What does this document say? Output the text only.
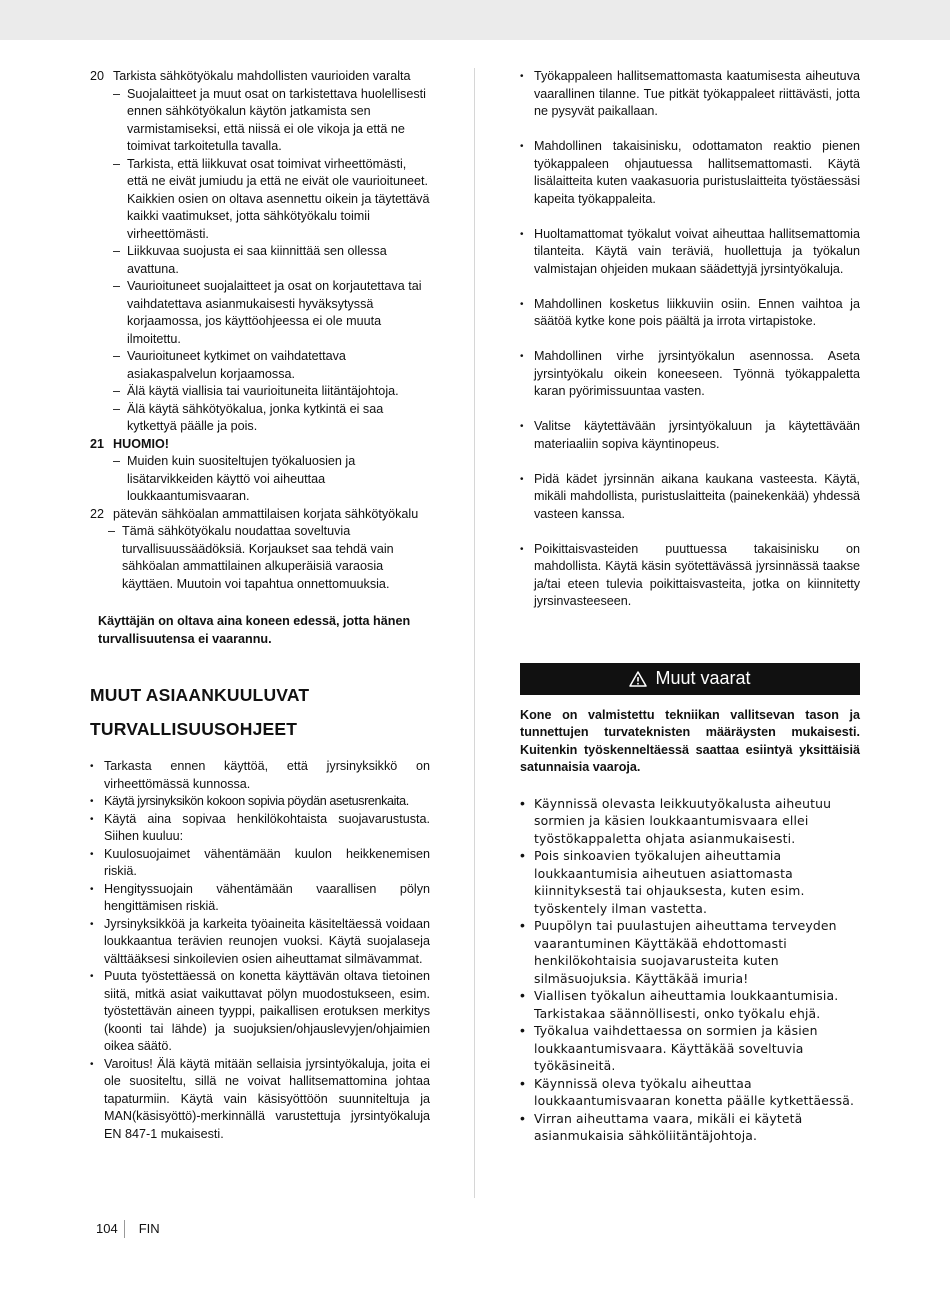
20 Tarkista sähkötyökalu mahdollisten vaurioiden varalta
– Suojalaitteet ja muut osat on tarkistettava huolellisesti ennen sähkötyökalun käytön jatkamista sen varmistamiseksi, että niissä ei ole vikoja ja että ne toimivat tarkoitetulla tavalla.
– Tarkista, että liikkuvat osat toimivat virheettömästi, että ne eivät jumiudu ja että ne eivät ole vaurioituneet. Kaikkien osien on oltava asennettu oikein ja täytettävä kaikki vaatimukset, jotta sähkötyökalu toimii virheettömästi.
– Liikkuvaa suojusta ei saa kiinnittää sen ollessa avattuna.
– Vaurioituneet suojalaitteet ja osat on korjautettava tai vaihdatettava asianmukaisesti hyväksytyssä korjaamossa, jos käyttöohjeessa ei ole muuta ilmoitettu.
– Vaurioituneet kytkimet on vaihdatettava asiakaspalvelun korjaamossa.
– Älä käytä viallisia tai vaurioituneita liitäntäjohtoja.
– Älä käytä sähkötyökalua, jonka kytkintä ei saa kytkettyä päälle ja pois.
21 HUOMIO!
– Muiden kuin suositeltujen työkaluosien ja lisätarvikkeiden käyttö voi aiheuttaa loukkaantumisvaaran.
22 pätevän sähköalan ammattilaisen korjata sähkötyökalu
– Tämä sähkötyökalu noudattaa soveltuvia turvallisuussäädöksiä. Korjaukset saa tehdä vain sähköalan ammattilainen alkuperäisiä varaosia käyttäen. Muutoin voi tapahtua onnettomuuksia.
Käyttäjän on oltava aina koneen edessä, jotta hänen turvallisuutensa ei vaarannu.
MUUT ASIAANKUULUVAT
TURVALLISUUSOHJEET
• Tarkasta ennen käyttöä, että jyrsinyksikkö on virheettömässä kunnossa.
• Käytä jyrsinyksikön kokoon sopivia pöydän asetusrenkaita.
• Käytä aina sopivaa henkilökohtaista suojavarustusta. Siihen kuuluu:
• Kuulosuojaimet vähentämään kuulon heikkenemisen riskiä.
• Hengityssuojain vähentämään vaarallisen pölyn hengittämisen riskiä.
• Jyrsinyksikköä ja karkeita työaineita käsiteltäessä voidaan loukkaantua terävien reunojen vuoksi. Käytä suojalaseja välttääksesi sinkoilevien osien aiheuttamat silmävammat.
• Puuta työstettäessä on konetta käyttävän oltava tietoinen siitä, mitkä asiat vaikuttavat pölyn muodostukseen, esim. työstettävän aineen tyyppi, paikallisen erotuksen merkitys (koonti tai lähde) ja suojuksien/ohjauslevyjen/ohjaimien oikea säätö.
• Varoitus! Älä käytä mitään sellaisia jyrsintyökaluja, joita ei ole suositeltu, sillä ne voivat hallitsemattomina johtaa tapaturmiin. Käytä vain käsisyöttöön suunniteltuja ja MAN(käsisyöttö)-merkinnällä varustettuja jyrsintyökaluja EN 847-1 mukaisesti.
• Työkappaleen hallitsemattomasta kaatumisesta aiheutuva vaarallinen tilanne. Tue pitkät työkappaleet riittävästi, jotta ne pysyvät paikallaan.
• Mahdollinen takaisinisku, odottamaton reaktio pienen työkappaleen ohjautuessa hallitsemattomasti. Käytä lisälaitteita kuten vaakasuoria puristuslaitteita työstäessäsi kapeita työkappaleita.
• Huoltamattomat työkalut voivat aiheuttaa hallitsemattomia tilanteita. Käytä vain teräviä, huollettuja ja työkalun valmistajan ohjeiden mukaan säädettyjä jyrsintyökaluja.
• Mahdollinen kosketus liikkuviin osiin. Ennen vaihtoa ja säätöä kytke kone pois päältä ja irrota virtapistoke.
• Mahdollinen virhe jyrsintyökalun asennossa. Aseta jyrsintyökalu oikein koneeseen. Työnnä työkappaletta karan pyörimissuuntaa vasten.
• Valitse käytettävään jyrsintyökaluun ja käytettävään materiaaliin sopiva käyntinopeus.
• Pidä kädet jyrsinnän aikana kaukana vasteesta. Käytä, mikäli mahdollista, puristuslaitteita (painekenkää) yhdessä vasteen kanssa.
• Poikittaisvasteiden puuttuessa takaisinisku on mahdollista. Käytä käsin syötettävässä jyrsinnässä taakse ja/tai eteen tulevia poikittaisvasteita, jotka on kiinnitetty jyrsinvasteeseen.
Muut vaarat
Kone on valmistettu tekniikan vallitsevan tason ja tunnettujen turvateknisten määräysten mukaisesti. Kuitenkin työskenneltäessä saattaa esiintyä yksittäisiä satunnaisia vaaroja.
• Käynnissä olevasta leikkuutyökalusta aiheutuu sormien ja käsien loukkaantumisvaara ellei työstökappaletta ohjata asianmukaisesti.
• Pois sinkoavien työkalujen aiheuttamia loukkaantumisia aiheutuen asiattomasta kiinnityksestä tai ohjauksesta, kuten esim. työskentely ilman vastetta.
• Puupölyn tai puulastujen aiheuttama terveyden vaarantuminen Käyttäkää ehdottomasti henkilökohtaisia suojavarusteita kuten silmäsuojuksia. Käyttäkää imuria!
• Viallisen työkalun aiheuttamia loukkaantumisia. Tarkistakaa säännöllisesti, onko työkalu ehjä.
• Työkalua vaihdettaessa on sormien ja käsien loukkaantumisvaara. Käyttäkää soveltuvia työkäsineitä.
• Käynnissä oleva työkalu aiheuttaa loukkaantumisvaaran konetta päälle kytkettäessä.
• Virran aiheuttama vaara, mikäli ei käytetä asianmukaisia sähköliitäntäjohtoja.
104 FIN
